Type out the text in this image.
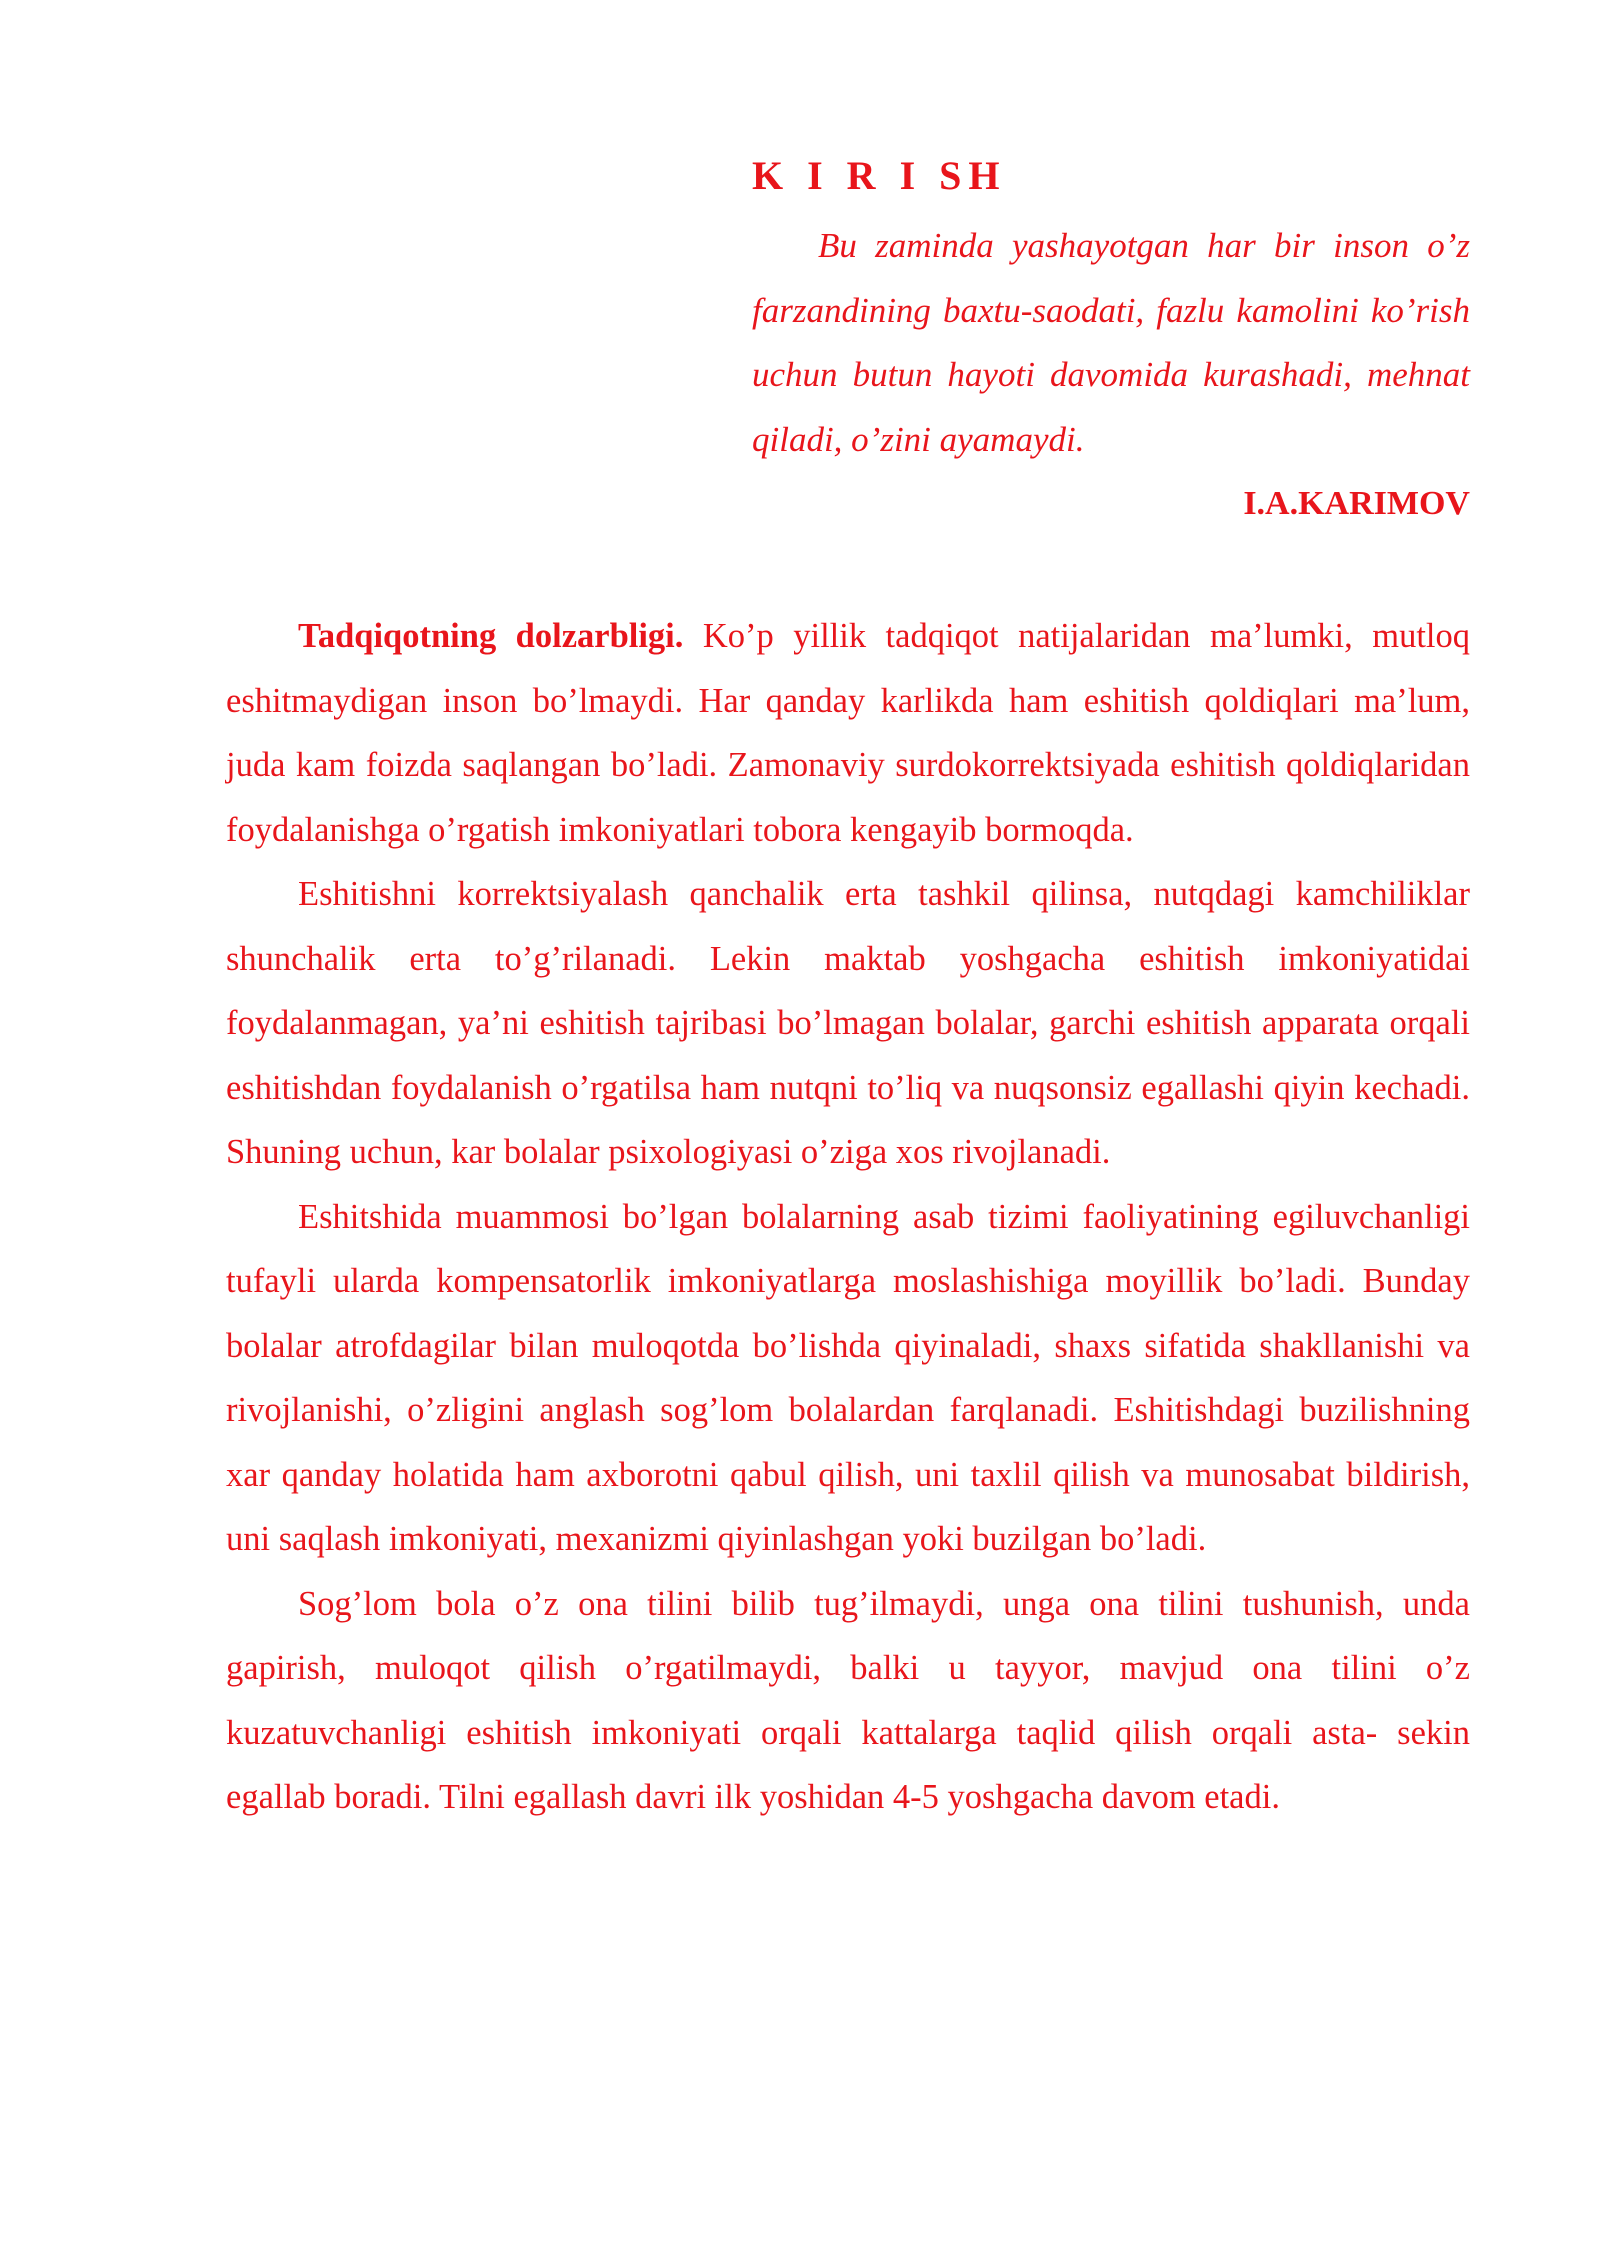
K I R I SH

Bu zaminda yashayotgan har bir inson o’z farzandining baxtu-saodati, fazlu kamolini ko’rish uchun butun hayoti davomida kurashadi, mehnat qiladi, o’zini ayamaydi.

I.A.KARIMOV

Tadqiqotning dolzarbligi. Ko’p yillik tadqiqot natijalaridan ma’lumki, mutloq eshitmaydigan inson bo’lmaydi. Har qanday karlikda ham eshitish qoldiqlari ma’lum, juda kam foizda saqlangan bo’ladi. Zamonaviy surdokorrektsiyada eshitish qoldiqlaridan foydalanishga o’rgatish imkoniyatlari tobora kengayib bormoqda.

Eshitishni korrektsiyalash qanchalik erta tashkil qilinsa, nutqdagi kamchiliklar shunchalik erta to’g’rilanadi. Lekin maktab yoshgacha eshitish imkoniyatidai foydalanmagan, ya’ni eshitish tajribasi bo’lmagan bolalar, garchi eshitish apparata orqali eshitishdan foydalanish o’rgatilsa ham nutqni to’liq va nuqsonsiz egallashi qiyin kechadi. Shuning uchun, kar bolalar psixologiyasi o’ziga xos rivojlanadi.

Eshitshida muammosi bo’lgan bolalarning asab tizimi faoliyatining egiluvchanligi tufayli ularda kompensatorlik imkoniyatlarga moslashishiga moyillik bo’ladi. Bunday bolalar atrofdagilar bilan muloqotda bo’lishda qiyinaladi, shaxs sifatida shakllanishi va rivojlanishi, o’zligini anglash sog’lom bolalardan farqlanadi. Eshitishdagi buzilishning xar qanday holatida ham axborotni qabul qilish, uni taxlil qilish va munosabat bildirish, uni saqlash imkoniyati, mexanizmi qiyinlashgan yoki buzilgan bo’ladi.

Sog’lom bola o’z ona tilini bilib tug’ilmaydi, unga ona tilini tushunish, unda gapirish, muloqot qilish o’rgatilmaydi, balki u tayyor, mavjud ona tilini o’z kuzatuvchanligi eshitish imkoniyati orqali kattalarga taqlid qilish orqali asta- sekin egallab boradi. Tilni egallash davri ilk yoshidan 4-5 yoshgacha davom etadi.
